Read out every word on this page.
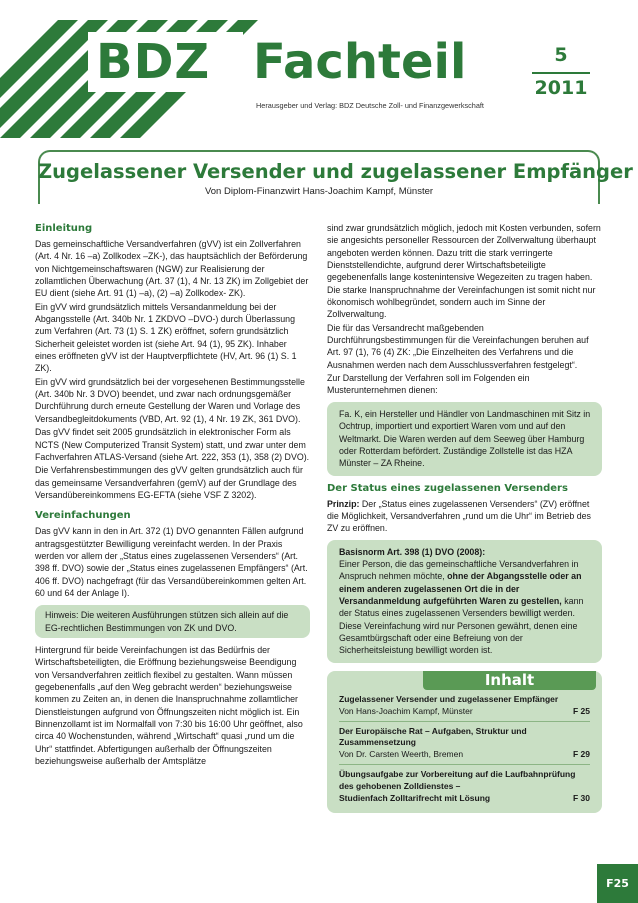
BDZ Fachteil
Herausgeber und Verlag: BDZ Deutsche Zoll- und Finanzgewerkschaft
5
2011
Zugelassener Versender und zugelassener Empfänger
Von Diplom-Finanzwirt Hans-Joachim Kampf, Münster
Einleitung

Das gemeinschaftliche Versandverfahren (gVV) ist ein Zollverfahren (Art. 4 Nr. 16 –a) Zollkodex –ZK-), das hauptsächlich der Beförderung von Nichtgemeinschaftswaren (NGW) zur Realisierung der zollamtlichen Überwachung (Art. 37 (1), 4 Nr. 13 ZK) im Zollgebiet der EU dient (siehe Art. 91 (1) –a), (2) –a) Zollkodex- ZK).

Ein gVV wird grundsätzlich mittels Versandanmeldung bei der Abgangsstelle (Art. 340b Nr. 1 ZKDVO –DVO-) durch Überlassung zum Verfahren (Art. 73 (1) S. 1 ZK) eröffnet, sofern grundsätzlich Sicherheit geleistet worden ist (siehe Art. 94 (1), 95 ZK). Inhaber eines eröffneten gVV ist der Hauptverpflichtete (HV, Art. 96 (1) S. 1 ZK).

Ein gVV wird grundsätzlich bei der vorgesehenen Bestimmungsstelle (Art. 340b Nr. 3 DVO) beendet, und zwar nach ordnungsgemäßer Durchführung durch erneute Gestellung der Waren und Vorlage des Versandbegleitdokuments (VBD, Art. 92 (1), 4 Nr. 19 ZK, 361 DVO).

Das gVV findet seit 2005 grundsätzlich in elektronischer Form als NCTS (New Computerized Transit System) statt, und zwar unter dem Fachverfahren ATLAS-Versand (siehe Art. 222, 353 (1), 358 (2) DVO).

Die Verfahrensbestimmungen des gVV gelten grundsätzlich auch für das gemeinsame Versandverfahren (gemV) auf der Grundlage des Versandübereinkommens EG-EFTA (siehe VSF Z 3202).

Vereinfachungen

Das gVV kann in den in Art. 372 (1) DVO genannten Fällen aufgrund antragsgestützter Bewilligung vereinfacht werden. In der Praxis werden vor allem der „Status eines zugelassenen Versenders“ (Art. 398 ff. DVO) sowie der „Status eines zugelassenen Empfängers“ (Art. 406 ff. DVO) nachgefragt (für das Versandübereinkommen gelten Art. 60 und 64 der Anlage I).

Hinweis: Die weiteren Ausführungen stützen sich allein auf die EG-rechtlichen Bestimmungen von ZK und DVO.

Hintergrund für beide Vereinfachungen ist das Bedürfnis der Wirtschaftsbeteiligten, die Eröffnung beziehungsweise Beendigung von Versandverfahren zeitlich flexibel zu gestalten. Wann müssen gegebenenfalls „auf den Weg gebracht werden“ beziehungsweise kommen zu Zeiten an, in denen die Inanspruchnahme zollamtlicher Dienstleistungen aufgrund von Öffnungszeiten nicht möglich ist. Ein Binnenzollamt ist im Normalfall von 7:30 bis 16:00 Uhr geöffnet, also circa 40 Wochenstunden, während „Wirtschaft“ quasi „rund um die Uhr“ stattfindet. Abfertigungen außerhalb der Öffnungszeiten beziehungsweise außerhalb der Amtsplätze

sind zwar grundsätzlich möglich, jedoch mit Kosten verbunden, sofern sie angesichts personeller Ressourcen der Zollverwaltung überhaupt angeboten werden können. Dazu tritt die stark verringerte Dienststellendichte, aufgrund derer Wirtschaftsbeteiligte gegebenenfalls lange kostenintensive Wegezeiten zu tragen haben. Die starke Inanspruchnahme der Vereinfachungen ist somit nicht nur ökonomisch wohlbegründet, sondern auch im Sinne der Zollverwaltung.

Die für das Versandrecht maßgebenden Durchführungsbestimmungen für die Vereinfachungen beruhen auf Art. 97 (1), 76 (4) ZK: „Die Einzelheiten des Verfahrens und die Ausnahmen werden nach dem Ausschlussverfahren festgelegt“.

Zur Darstellung der Verfahren soll im Folgenden ein Musterunternehmen dienen:

Fa. K, ein Hersteller und Händler von Landmaschinen mit Sitz in Ochtrup, importiert und exportiert Waren vom und auf den Weltmarkt. Die Waren werden auf dem Seeweg über Hamburg oder Rotterdam befördert. Zuständige Zollstelle ist das HZA Münster – ZA Rheine.
Der Status eines zugelassenen Versenders

Prinzip: Der „Status eines zugelassenen Versenders“ (ZV) eröffnet die Möglichkeit, Versandverfahren „rund um die Uhr“ im Betrieb des ZV zu eröffnen.

Basisnorm Art. 398 (1) DVO (2008):
Einer Person, die das gemeinschaftliche Versandverfahren in Anspruch nehmen möchte, ohne der Abgangsstelle oder an einem anderen zugelassenen Ort die in der Versandanmeldung aufgeführten Waren zu gestellen, kann der Status eines zugelassenen Versenders bewilligt werden.
Diese Vereinfachung wird nur Personen gewährt, denen eine Gesamtbürgschaft oder eine Befreiung von der Sicherheitsleistung bewilligt worden ist.
Inhalt
Zugelassener Versender und zugelassener Empfänger
Von Hans-Joachim Kampf, Münster	F 25
Der Europäische Rat – Aufgaben, Struktur und Zusammensetzung
Von Dr. Carsten Weerth, Bremen	F 29
Übungsaufgabe zur Vorbereitung auf die Laufbahnprüfung des gehobenen Zolldienstes –
Studienfach Zolltarifrecht mit Lösung	F 30
F25
